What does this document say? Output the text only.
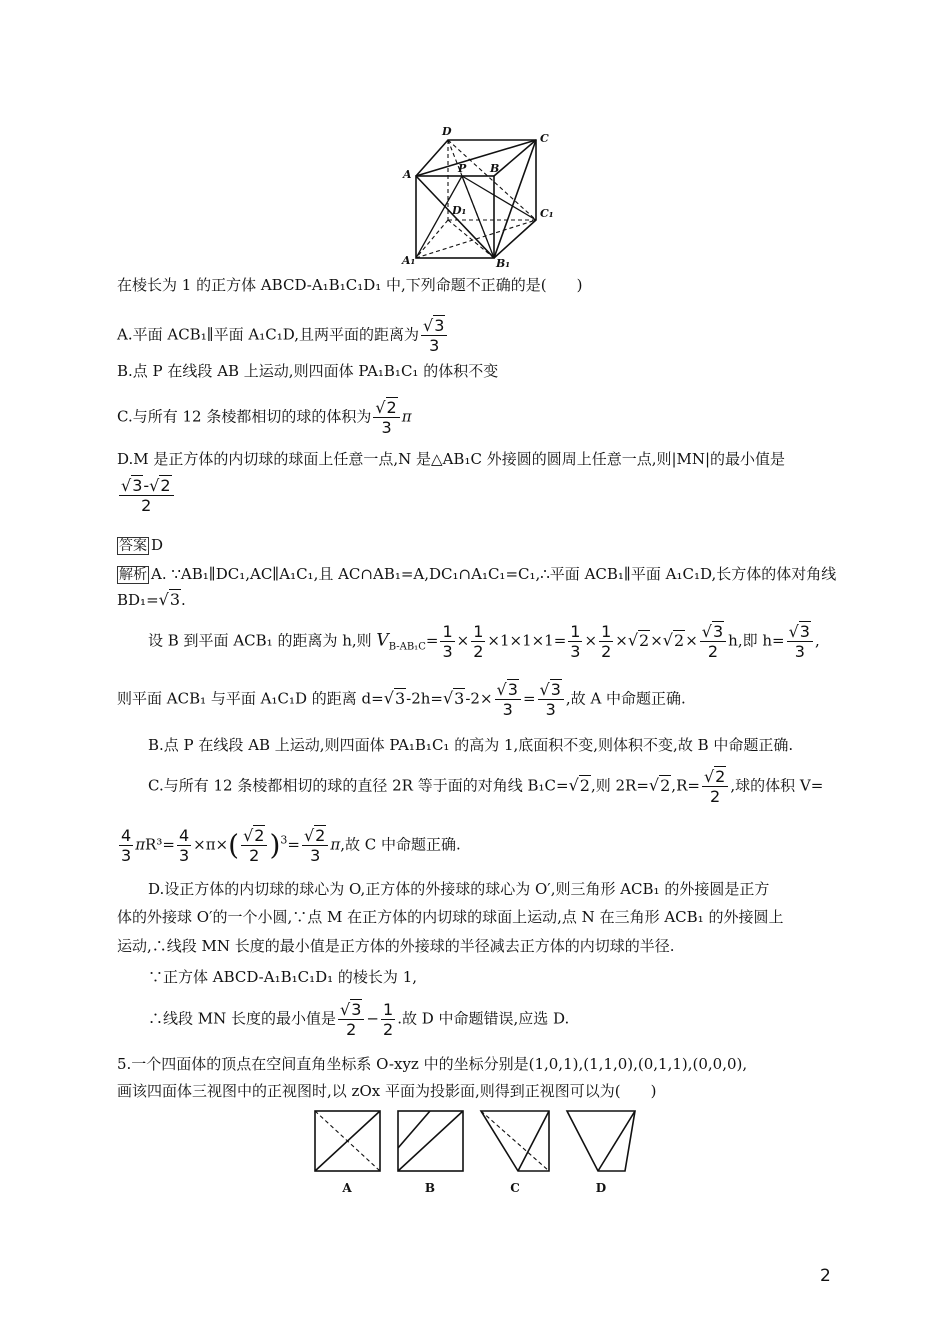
D
C
A	P B
D₁	C₁
A₁	B₁
在棱长为 1 的正方体 ABCD-A₁B₁C₁D₁ 中,下列命题不正确的是(　　)
A.平面 ACB₁∥平面 A₁C₁D,且两平面的距离为 $\frac{√3}{3}$
B.点 P 在线段 AB 上运动,则四面体 PA₁B₁C₁ 的体积不变
C.与所有 12 条棱都相切的球的体积为 $\frac{√2}{3}$ π
D.M 是正方体的内切球的球面上任意一点,N 是△AB₁C 外接圆的圆周上任意一点,则|MN|的最小值是
$\frac{√3-√2}{2}$
答案 D
解析 A. ∵AB₁∥DC₁,AC∥A₁C₁,且 AC∩AB₁=A,DC₁∩A₁C₁=C₁,∴平面 ACB₁∥平面 A₁C₁D,长方体的体对角线
BD₁=√3.
设 B 到平面 ACB₁ 的距离为 h,则 $V_{B-AB_1C}= \frac{1}{3} \times \frac{1}{2} \times 1\times 1\times 1= \frac{1}{3} \times \frac{1}{2} \times√2\times√2\times \frac{√3}{2} h$,即 $h= \frac{√3}{3}$ ,
则平面 ACB₁ 与平面 A₁C₁D 的距离 $d=√3-2h=√3-2\times \frac{√3}{3} = \frac{√3}{3}$ ,故 A 中命题正确.
B.点 P 在线段 AB 上运动,则四面体 PA₁B₁C₁ 的高为 1,底面积不变,则体积不变,故 B 中命题正确.
C.与所有 12 条棱都相切的球的直径 2R 等于面的对角线 B₁C=√2,则 $2R=√2,R= \frac{√2}{2}$ ,球的体积 V=
$\frac{4}{3} \pi R^3= \frac{4}{3} \times\pi\times( \frac{√2}{2} )^3= \frac{√2}{3} \pi$,故 C 中命题正确.
D.设正方体的内切球的球心为 O,正方体的外接球的球心为 O′,则三角形 ACB₁ 的外接圆是正方
体的外接球 O′的一个小圆,∵点 M 在正方体的内切球的球面上运动,点 N 在三角形 ACB₁ 的外接圆上
运动,∴线段 MN 长度的最小值是正方体的外接球的半径减去正方体的内切球的半径.
∵正方体 ABCD-A₁B₁C₁D₁ 的棱长为 1,
∴线段 MN 长度的最小值是 $\frac{√3}{2} - \frac{1}{2}$ .故 D 中命题错误,应选 D.
5.一个四面体的顶点在空间直角坐标系 O-xyz 中的坐标分别是(1,0,1),(1,1,0),(0,1,1),(0,0,0),
画该四面体三视图中的正视图时,以 zOx 平面为投影面,则得到正视图可以为(　　)
A	B	C	D
2
